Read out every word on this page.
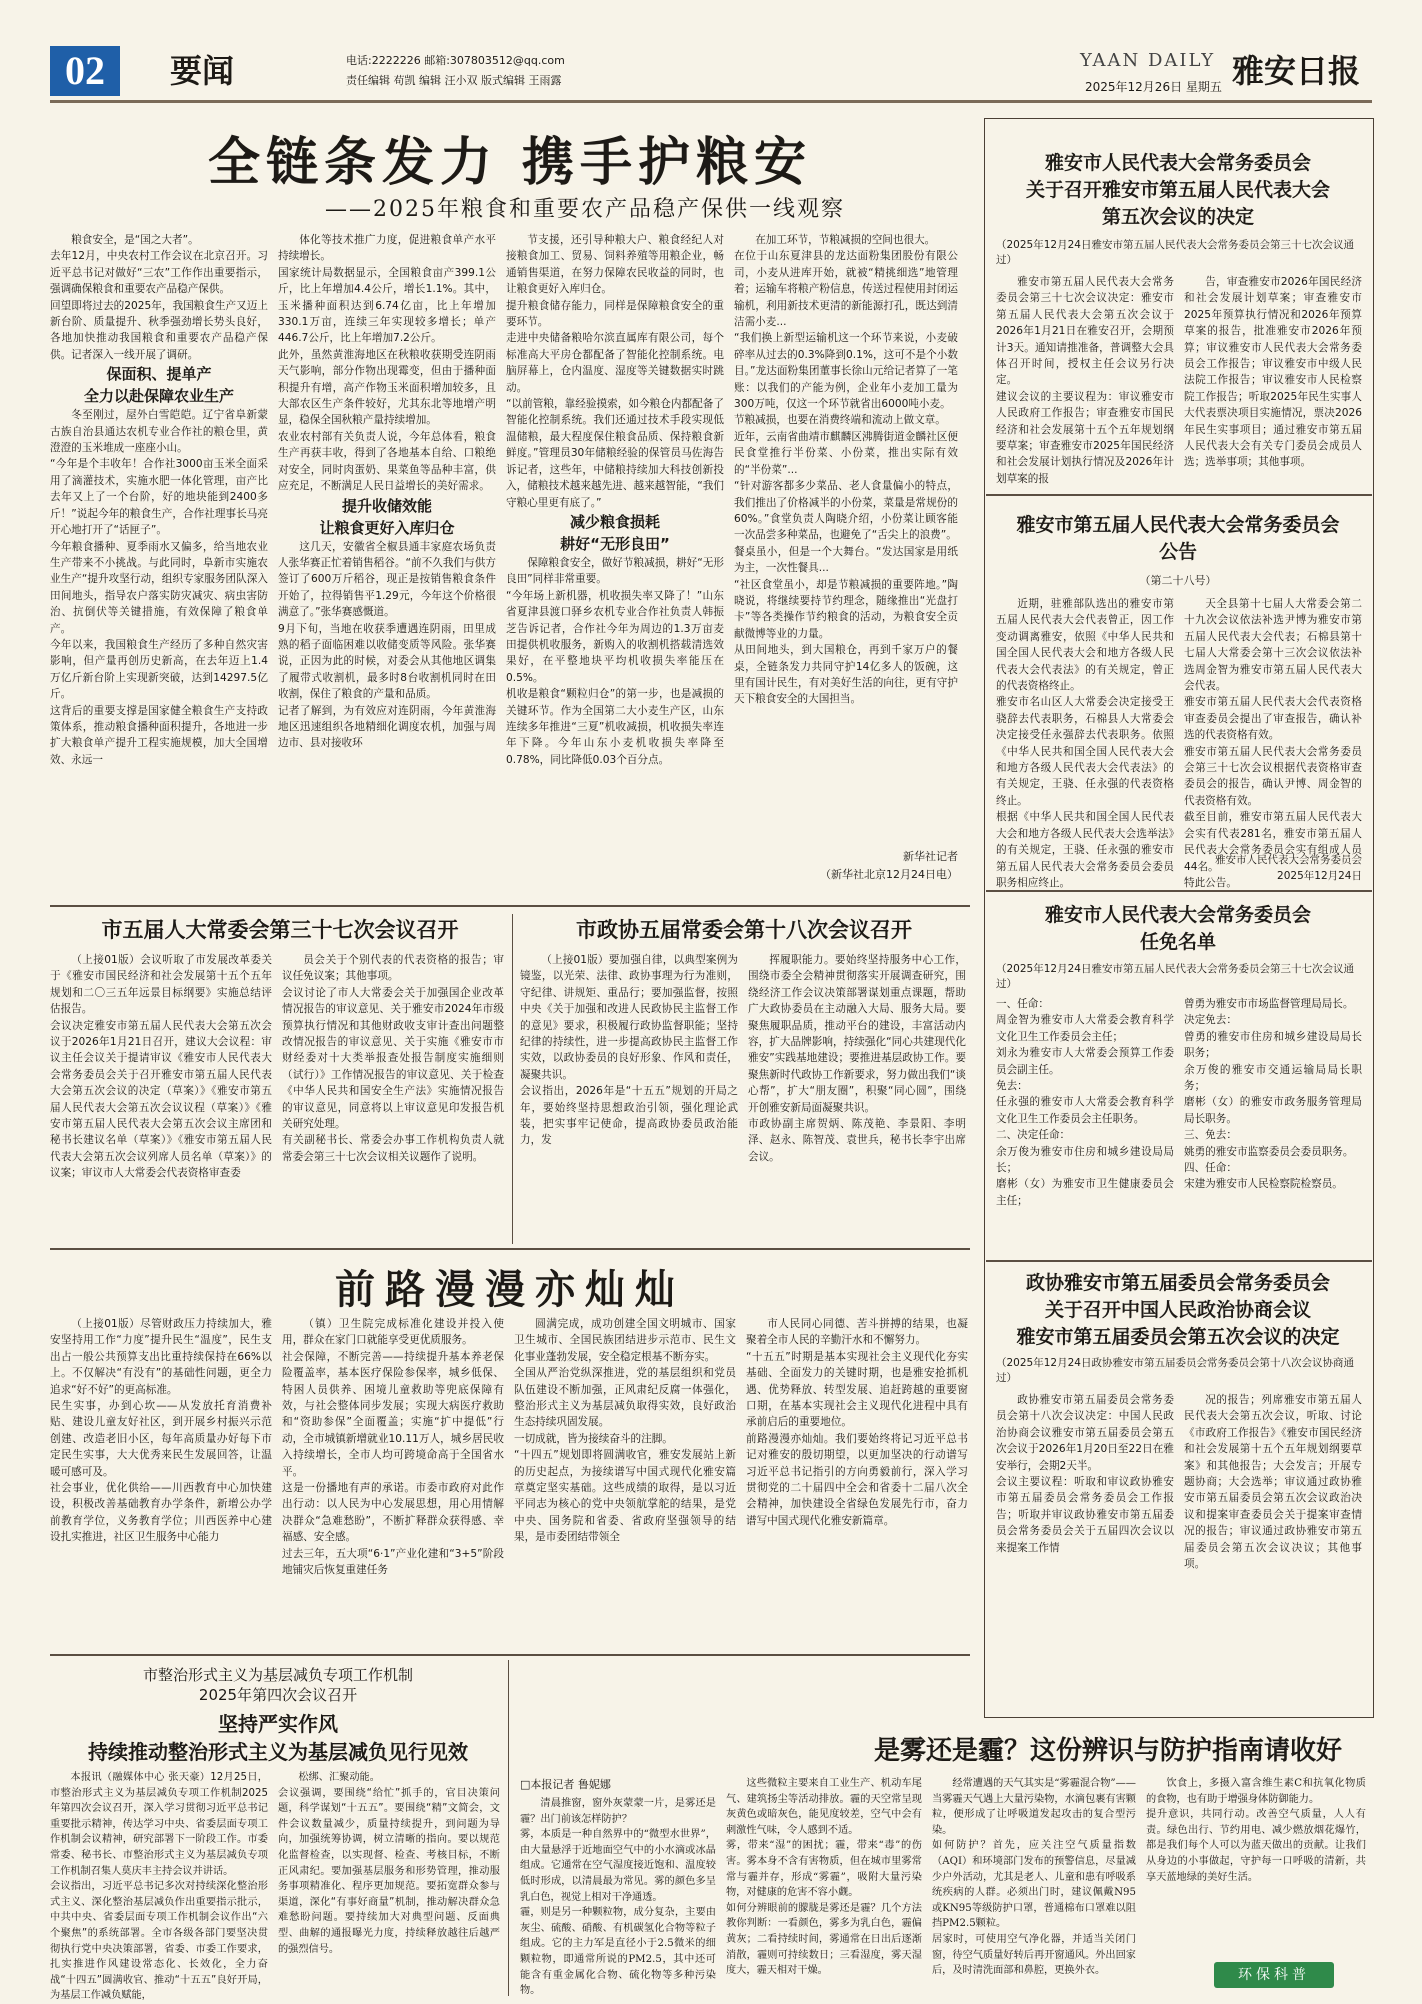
02	要闻	电话:2222226 邮箱:307803512@qq.com
责任编辑 苟凯 编辑 汪小双 版式编辑 王雨露
YAAN DAILY 雅安日报
2025年12月26日 星期五
全链条发力 携手护粮安
——2025年粮食和重要农产品稳产保供一线观察

粮食安全，是“国之大者”。
去年12月，中央农村工作会议在北京召开。习近平总书记对做好“三农”工作作出重要指示，强调确保粮食和重要农产品稳产保供。
回望即将过去的2025年，我国粮食生产又迈上新台阶、质量提升、秋季强劲增长势头良好，各地加快推动我国粮食和重要农产品稳产保供。记者深入一线开展了调研。

保面积、提单产
全力以赴保障农业生产

冬至刚过，屋外白雪皑皑。辽宁省阜新蒙古族自治县通达农机专业合作社的粮仓里，黄澄澄的玉米堆成一座座小山。
“今年是个丰收年！合作社3000亩玉米全面采用了滴灌技术，实施水肥一体化管理，亩产比去年又上了一个台阶，好的地块能到2400多斤！”说起今年的粮食生产，合作社理事长马亮开心地打开了“话匣子”。
今年粮食播种、夏季雨水又偏多，给当地农业生产带来不小挑战。与此同时，阜新市实施农业生产“提升攻坚行动，组织专家服务团队深入田间地头，指导农户落实防灾减灾、病虫害防治、抗倒伏等关键措施，有效保障了粮食单产。
今年以来，我国粮食生产经历了多种自然灾害影响，但产量再创历史新高，在去年迈上1.4万亿斤新台阶上实现新突破，达到14297.5亿斤。
这背后的重要支撑是国家健全粮食生产支持政策体系，推动粮食播种面积提升，各地进一步扩大粮食单产提升工程实施规模，加大全国增效、永远一

体化等技术推广力度，促进粮食单产水平持续增长。
国家统计局数据显示，全国粮食亩产399.1公斤，比上年增加4.4公斤，增长1.1%。其中，玉米播种面积达到6.74亿亩，比上年增加330.1万亩，连续三年实现较多增长；单产446.7公斤，比上年增加7.2公斤。
此外，虽然黄淮海地区在秋粮收获期受连阴雨天气影响，部分作物出现霉变，但由于播种面积提升有增，高产作物玉米面积增加较多，且大部农区生产条件较好，尤其东北等地增产明显，稳保全国秋粮产量持续增加。
农业农村部有关负责人说，今年总体看，粮食生产再获丰收，得到了各地基本自给、口粮绝对安全，同时肉蛋奶、果菜鱼等品种丰富，供应充足，不断满足人民日益增长的美好需求。

提升收储效能
让粮食更好入库归仓

这几天，安徽省全椒县通丰家庭农场负责人张华赛正忙着销售稻谷。“前不久我们与供方签订了600万斤稻谷，现正是按销售粮食条件开始了，拉得销售平1.29元，今年这个价格很满意了。”张华赛感慨道。
9月下旬，当地在收获季遭遇连阴雨，田里成熟的稻子面临困难以收储变质等风险。张华赛说，正因为此的时候，对委会从其他地区调集了履带式收割机，最多时8台收割机同时在田收割，保住了粮食的产量和品质。
记者了解到，为有效应对连阴雨，今年黄淮海地区迅速组织各地精细化调度农机，加强与周边市、县对接收环

节支援，还引导种粮大户、粮食经纪人对接粮食加工、贸易、饲料养殖等用粮企业，畅通销售渠道，在努力保障农民收益的同时，也让粮食更好入库归仓。
提升粮食储存能力，同样是保障粮食安全的重要环节。
走进中央储备粮哈尔滨直属库有限公司，每个标准高大平房仓都配备了智能化控制系统。电脑屏幕上，仓内温度、湿度等关键数据实时跳动。
“以前管粮，靠经验摸索，如今粮仓内都配备了智能化控制系统。我们还通过技术手段实现低温储粮，最大程度保住粮食品质、保持粮食新鲜度。”管理员30年储粮经验的保管员马佐海告诉记者，这些年，中储粮持续加大科技创新投入，储粮技术越来越先进、越来越智能，“我们守粮心里更有底了。”

减少粮食损耗
耕好“无形良田”

保障粮食安全，做好节粮减损，耕好“无形良田”同样非常重要。
“今年场上新机器，机收损失率又降了！”山东省夏津县渡口驿乡农机专业合作社负责人韩振芝告诉记者，合作社今年为周边的1.3万亩麦田提供机收服务，新购入的收割机搭载清选效果好，在平整地块平均机收损失率能压在0.5%。
机收是粮食“颗粒归仓”的第一步，也是减损的关键环节。作为全国第二大小麦生产区，山东连续多年推进“三夏”机收减损，机收损失率连年下降。今年山东小麦机收损失率降至0.78%，同比降低0.03个百分点。

在加工环节，节粮减损的空间也很大。
在位于山东夏津县的龙达面粉集团股份有限公司，小麦从进库开始，就被“精挑细选”地管理着；运输车将粮产粉信息，传送过程使用封闭运输机，利用新技术更清的新能源打孔，既达到清洁需小麦...
“我们换上新型运输机这一个环节来说，小麦破碎率从过去的0.3%降到0.1%，这可不是个小数目。”龙达面粉集团董事长徐山元给记者算了一笔账：以我们的产能为例，企业年小麦加工量为300万吨，仅这一个环节就省出6000吨小麦。
节粮减损，也要在消费终端和流动上做文章。
近年，云南省曲靖市麒麟区沸腾街道金麟社区便民食堂推行半份菜、小份菜，推出实际有效的“半份菜”...
“针对游客都多少菜品、老人食量偏小的特点，我们推出了价格减半的小份菜，菜量是常规份的60%。”食堂负责人陶晓介绍，小份菜让顾客能一次品尝多种菜品，也避免了“舌尖上的浪费”。
餐桌虽小，但是一个大舞台。“发达国家是用纸为主，一次性餐具...
“社区食堂虽小，却是节粮减损的重要阵地。”陶晓说，将继续要持节约理念，随缘推出“光盘打卡”等各类操作节约粮食的活动，为粮食安全贡献微博等业的力量。
从田间地头，到大国粮仓，再到千家万户的餐桌，全链条发力共同守护14亿多人的饭碗，这里有国计民生，有对美好生活的向往，更有守护天下粮食安全的大国担当。

新华社记者
（新华社北京12月24日电）
市五届人大常委会第三十七次会议召开

（上接01版）会议听取了市发展改革委关于《雅安市国民经济和社会发展第十五个五年规划和二〇三五年远景目标纲要》实施总结评估报告。
会议决定雅安市第五届人民代表大会第五次会议于2026年1月21日召开，建议大会议程：审议主任会议关于提请审议《雅安市人民代表大会常务委员会关于召开雅安市第五届人民代表大会第五次会议的决定（草案）》《雅安市第五届人民代表大会第五次会议议程（草案）》《雅安市第五届人民代表大会第五次会议主席团和秘书长建议名单（草案）》《雅安市第五届人民代表大会第五次会议列席人员名单（草案）》的议案；审议市人大常委会代表资格审查委

员会关于个别代表的代表资格的报告；审议任免议案；其他事项。
会议讨论了市人大常委会关于加强国企业改革情况报告的审议意见、关于雅安市2024年市级预算执行情况和其他财政收支审计查出问题整改情况报告的审议意见、关于实施《雅安市市财经委对十大类举报查处报告制度实施细则（试行）》工作情况报告的审议意见、关于检查《中华人民共和国安全生产法》实施情况报告的审议意见，同意将以上审议意见印发报告机关研究处理。
有关副秘书长、常委会办事工作机构负责人就常委会第三十七次会议相关议题作了说明。

市政协五届常委会第十八次会议召开

（上接01版）要加强自律，以典型案例为镜鉴，以光荣、法律、政协事理为行为准则，守纪律、讲规矩、重品行；要加强监督，按照中央《关于加强和改进人民政协民主监督工作的意见》要求，积极履行政协监督职能；坚持纪律的持续性，进一步提高政协民主监督工作实效，以政协委员的良好形象、作风和责任，凝聚共识。
会议指出，2026年是“十五五”规划的开局之年，要始终坚持思想政治引领，强化理论武装，把实事牢记使命，提高政协委员政治能力，发

挥履职能力。要始终坚持服务中心工作，围绕市委全会精神贯彻落实开展调查研究，围绕经济工作会议决策部署谋划重点课题，帮助广大政协委员在主动融入大局、服务大局。要聚焦履职品质，推动平台的建设，丰富活动内容，扩大品牌影响，持续强化“同心共建现代化雅安”实践基地建设；要推进基层政协工作。要聚焦新时代政协工作新要求，努力做出我们“谈心帮”，扩大“朋友圈”，积聚“同心圆”，围绕开创雅安新局面凝聚共识。
市政协副主席贺炳、陈茂艳、李景阳、李明泽、赵永、陈智茂、袁世兵，秘书长李宇出席会议。

前路漫漫亦灿灿

（上接01版）尽管财政压力持续加大，雅安坚持用工作“力度”提升民生“温度”，民生支出占一般公共预算支出比重持续保持在66%以上。不仅解决“有没有”的基础性问题，更全力追求“好不好”的更高标准。
民生实事，办到心坎——从发放托育消费补贴、建设儿童友好社区，到开展乡村振兴示范创建、改造老旧小区，每年高质量办好每下市定民生实事，大大优秀来民生发展回答，让温暖可感可及。
社会事业，优化供给——川西教育中心加快建设，积极改善基础教育办学条件，新增公办学前教育学位，义务教育学位；川西医养中心建设扎实推进，社区卫生服务中心能力

（镇）卫生院完成标准化建设并投入使用，群众在家门口就能享受更优质服务。
社会保障，不断完善——持续提升基本养老保险覆盖率，基本医疗保险参保率，城乡低保、特困人员供养、困境儿童救助等兜底保障有效，与社会整体同步发展；实现大病医疗救助和“资助参保”全面覆盖；实施“扩中提低”行动，全市城镇新增就业10.11万人，城乡居民收入持续增长，全市人均可跨境命高于全国省水平。
这是一份播地有声的承诺。市委市政府对此作出行动：以人民为中心发展思想，用心用情解决群众“急难愁盼”，不断扩释群众获得感、幸福感、安全感。
过去三年，五大项“6·1”产业化建和“3+5”阶段地铺灾后恢复重建任务

圆满完成，成功创建全国文明城市、国家卫生城市、全国民族团结进步示范市、民生文化事业蓬勃发展，安全稳定根基不断夯实。
全国从严治党纵深推进，党的基层组织和党员队伍建设不断加强，正风肃纪反腐一体强化，整治形式主义为基层减负取得实效，良好政治生态持续巩固发展。
一切成就，皆为接续奋斗的注脚。
“十四五”规划即将圆满收官，雅安发展站上新的历史起点，为接续谱写中国式现代化雅安篇章奠定坚实基础。这些成绩的取得，是以习近平同志为核心的党中央领航掌舵的结果，是党中央、国务院和省委、省政府坚强领导的结果，是市委团结带领全

市人民同心同德、苦斗拼搏的结果，也凝聚着全市人民的辛勤汗水和不懈努力。
“十五五”时期是基本实现社会主义现代化夯实基础、全面发力的关键时期，也是雅安抢抓机遇、优势释放、转型发展、追赶跨越的重要窗口期，在基本实现社会主义现代化进程中具有承前启后的重要地位。
前路漫漫亦灿灿。我们要始终将记习近平总书记对雅安的殷切期望，以更加坚决的行动谱写习近平总书记指引的方向勇毅前行，深入学习贯彻党的二十届四中全会和省委十二届八次全会精神，加快建设全省绿色发展先行市，奋力谱写中国式现代化雅安新篇章。

雅安市人民代表大会常务委员会
关于召开雅安市第五届人民代表大会
第五次会议的决定
（2025年12月24日雅安市第五届人民代表大会常务委员会第三十七次会议通过）

雅安市第五届人民代表大会常务委员会第三十七次会议决定：雅安市第五届人民代表大会第五次会议于2026年1月21日在雅安召开，会期预计3天。通知请推准备，普调整大会具体召开时间，授权主任会议另行决定。
建议会议的主要议程为：审议雅安市人民政府工作报告；审查雅安市国民经济和社会发展第十五个五年规划纲要草案；审查雅安市2025年国民经济和社会发展计划执行情况及2026年计划草案的报

告，审查雅安市2026年国民经济和社会发展计划草案；审查雅安市2025年预算执行情况和2026年预算草案的报告，批准雅安市2026年预算；审议雅安市人民代表大会常务委员会工作报告；审议雅安市中级人民法院工作报告；审议雅安市人民检察院工作报告；听取2025年民生实事人大代表票决项目实施情况，票决2026年民生实事项目；通过雅安市第五届人民代表大会有关专门委员会成员人选；选举事项；其他事项。

雅安市第五届人民代表大会常务委员会
公告
（第二十八号）

近期，驻雅部队选出的雅安市第五届人民代表大会代表曾正，因工作变动调离雅安，依照《中华人民共和国全国人民代表大会和地方各级人民代表大会代表法》的有关规定，曾正的代表资格终止。
雅安市名山区人大常委会决定接受王骁辞去代表职务，石棉县人大常委会决定接受任永强辞去代表职务。依照《中华人民共和国全国人民代表大会和地方各级人民代表大会代表法》的有关规定，王骁、任永强的代表资格终止。
根据《中华人民共和国全国人民代表大会和地方各级人民代表大会选举法》的有关规定，王骁、任永强的雅安市第五届人民代表大会常务委员会委员职务相应终止。

天全县第十七届人大常委会第二十九次会议依法补选尹博为雅安市第五届人民代表大会代表；石棉县第十七届人大常委会第十三次会议依法补选周金智为雅安市第五届人民代表大会代表。
雅安市第五届人民代表大会代表资格审查委员会提出了审查报告，确认补选的代表资格有效。
雅安市第五届人民代表大会常务委员会第三十七次会议根据代表资格审查委员会的报告，确认尹博、周金智的代表资格有效。
截至目前，雅安市第五届人民代表大会实有代表281名，雅安市第五届人民代表大会常务委员会实有组成人员44名。
特此公告。

雅安市人民代表大会常务委员会
2025年12月24日
雅安市人民代表大会常务委员会
任免名单
（2025年12月24日雅安市第五届人民代表大会常务委员会第三十七次会议通过）

一、任命：
周金智为雅安市人大常委会教育科学文化卫生工作委员会主任；
刘永为雅安市人大常委会预算工作委员会副主任。
免去：
任永强的雅安市人大常委会教育科学文化卫生工作委员会主任职务。
二、决定任命：
余万俊为雅安市住房和城乡建设局局长；
磨彬（女）为雅安市卫生健康委员会主任；

曾勇为雅安市市场监督管理局局长。
决定免去：
曾勇的雅安市住房和城乡建设局局长职务；
余万俊的雅安市交通运输局局长职务；
磨彬（女）的雅安市政务服务管理局局长职务。
三、免去：
姚勇的雅安市监察委员会委员职务。
四、任命：
宋建为雅安市人民检察院检察员。

政协雅安市第五届委员会常务委员会
关于召开中国人民政治协商会议
雅安市第五届委员会第五次会议的决定
（2025年12月24日政协雅安市第五届委员会常务委员会第十八次会议协商通过）

政协雅安市第五届委员会常务委员会第十八次会议决定：中国人民政治协商会议雅安市第五届委员会第五次会议于2026年1月20日至22日在雅安举行，会期2天半。
会议主要议程：听取和审议政协雅安市第五届委员会常务委员会工作报告；听取并审议政协雅安市第五届委员会常务委员会关于五届四次会议以来提案工作情

况的报告；列席雅安市第五届人民代表大会第五次会议，听取、讨论《市政府工作报告》《雅安市国民经济和社会发展第十五个五年规划纲要草案》和其他报告；大会发言；开展专题协商；大会选举；审议通过政协雅安市第五届委员会第五次会议政治决议和提案审查委员会关于提案审查情况的报告；审议通过政协雅安市第五届委员会第五次会议决议；其他事项。

市整治形式主义为基层减负专项工作机制
2025年第四次会议召开
坚持严实作风
持续推动整治形式主义为基层减负见行见效

本报讯（融媒体中心 张天豪）12月25日，市整治形式主义为基层减负专项工作机制2025年第四次会议召开，深入学习贯彻习近平总书记重要批示精神，传达学习中央、省委层面专项工作机制会议精神，研究部署下一阶段工作。市委常委、秘书长、市整治形式主义为基层减负专项工作机制召集人莫庆丰主持会议并讲话。
会议指出，习近平总书记多次对持续深化整治形式主义、深化整治基层减负作出重要指示批示，中共中央、省委层面专项工作机制会议作出“六个聚焦”的系统部署。全市各级各部门要坚决贯彻执行党中央决策部署，省委、市委工作要求，扎实推进作风建设常态化、长效化，全力奋战“十四五”圆满收官、推动“十五五”良好开局，为基层工作减负赋能，

松绑、汇聚动能。
会议强调，要围绕“给忙”抓手的，官目决策问题，科学谋划“十五五”。要围绕“精”文简会，文件会议数量减少，质量持续提升，到问题为导向，加强统筹协调，树立清晰的指向。要以规范化监督检查，以实现督、检查、考核目标，不断正风肃纪。要加强基层服务和形势管理，推动服务事项精准化、程序更加规范。要拓宽群众参与渠道，深化“有事好商量”机制，推动解决群众急难愁盼问题。要持续加大对典型问题、反面典型、曲解的通报曝光力度，持续释放越往后越严的强烈信号。

是雾还是霾？这份辨识与防护指南请收好
□本报记者 鲁妮娜

清晨推窗，窗外灰蒙蒙一片，是雾还是霾？出门前该怎样防护？
雾，本质是一种自然界中的“微型水世界”，由大量悬浮于近地面空气中的小水滴或冰晶组成。它通常在空气湿度接近饱和、温度较低时形成，以清晨最为常见。雾的颜色多呈乳白色，视觉上相对干净通透。
霾，则是另一种颗粒物，成分复杂，主要由灰尘、硫酸、硝酸、有机碳氢化合物等粒子组成。它的主力军是直径小于2.5微米的细颗粒物，即通常所说的PM2.5，其中还可能含有重金属化合物、硫化物等多种污染物。

这些微粒主要来自工业生产、机动车尾气、建筑扬尘等活动排放。霾的天空常呈现灰黄色或暗灰色，能见度较差，空气中会有刺激性气味，令人感到不适。
雾，带来“湿”的困扰；霾，带来“毒”的伤害。雾本身不含有害物质，但在城市里雾常常与霾并存，形成“雾霾”，吸附大量污染物，对健康的危害不容小觑。
如何分辨眼前的朦胧是雾还是霾？几个方法教你判断：一看颜色，雾多为乳白色，霾偏黄灰；二看持续时间，雾通常在日出后逐渐消散，霾则可持续数日；三看湿度，雾天湿度大，霾天相对干燥。

经常遭遇的天气其实是“雾霾混合物”——当雾霾天气遇上大量污染物，水滴包裹有害颗粒，便形成了让呼吸道发起攻击的复合型污染。
如何防护？首先，应关注空气质量指数（AQI）和环境部门发布的预警信息，尽量减少户外活动，尤其是老人、儿童和患有呼吸系统疾病的人群。必须出门时，建议佩戴N95或KN95等级防护口罩，普通棉布口罩难以阻挡PM2.5颗粒。
居家时，可使用空气净化器，并适当关闭门窗，待空气质量好转后再开窗通风。外出回家后，及时清洗面部和鼻腔，更换外衣。

饮食上，多摄入富含维生素C和抗氧化物质的食物，也有助于增强身体防御能力。
提升意识，共同行动。改善空气质量，人人有责。绿色出行、节约用电、减少燃放烟花爆竹，都是我们每个人可以为蓝天做出的贡献。让我们从身边的小事做起，守护每一口呼吸的清新，共享天蓝地绿的美好生活。

环保科普
